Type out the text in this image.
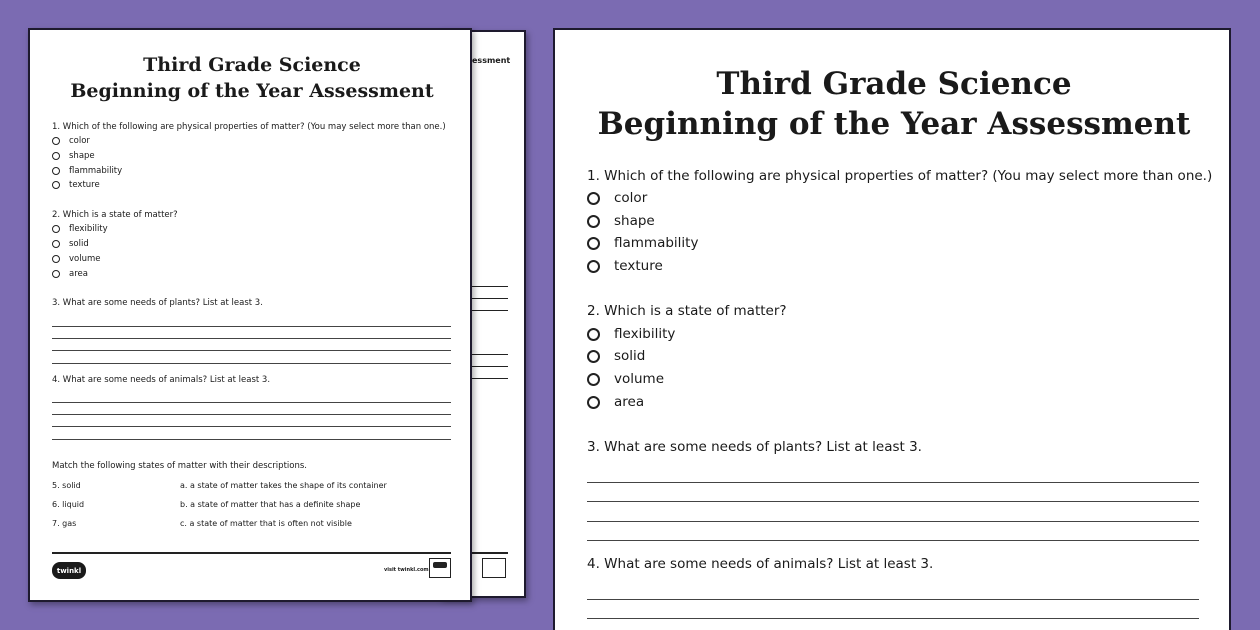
essment
Third Grade Science
Beginning of the Year Assessment
1. Which of the following are physical properties of matter? (You may select more than one.)
color
shape
flammability
texture
2. Which is a state of matter?
flexibility
solid
volume
area
3. What are some needs of plants? List at least 3.
4. What are some needs of animals? List at least 3.
Match the following states of matter with their descriptions.
5. solid
6. liquid
7. gas
a. a state of matter takes the shape of its container
b. a state of matter that has a definite shape
c. a state of matter that is often not visible
twinkl	visit twinkl.com
Third Grade Science
Beginning of the Year Assessment
1. Which of the following are physical properties of matter? (You may select more than one.)
color
shape
flammability
texture
2. Which is a state of matter?
flexibility
solid
volume
area
3. What are some needs of plants? List at least 3.
4. What are some needs of animals? List at least 3.
